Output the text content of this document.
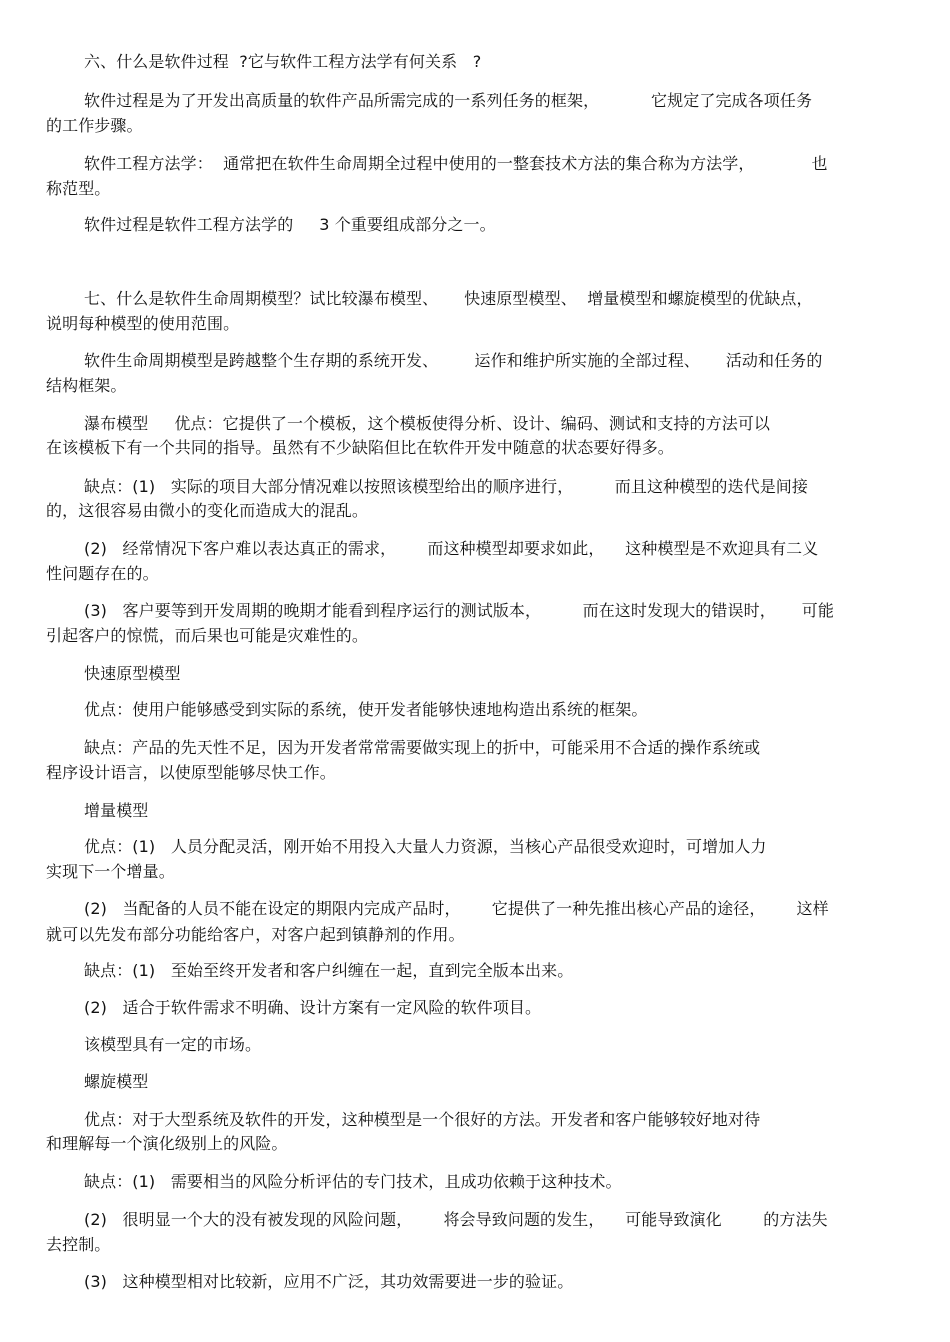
六、什么是软件过程  ?它与软件工程方法学有何关系   ?
软件过程是为了开发出高质量的软件产品所需完成的一系列任务的框架，          它规定了完成各项任务
的工作步骤。
软件工程方法学：  通常把在软件生命周期全过程中使用的一整套技术方法的集合称为方法学，           也
称范型。
软件过程是软件工程方法学的     3 个重要组成部分之一。
七、什么是软件生命周期模型？试比较瀑布模型、     快速原型模型、  增量模型和螺旋模型的优缺点，
说明每种模型的使用范围。
软件生命周期模型是跨越整个生存期的系统开发、       运作和维护所实施的全部过程、     活动和任务的
结构框架。
瀑布模型     优点：它提供了一个模板，这个模板使得分析、设计、编码、测试和支持的方法可以
在该模板下有一个共同的指导。虽然有不少缺陷但比在软件开发中随意的状态要好得多。
缺点：(1)   实际的项目大部分情况难以按照该模型给出的顺序进行，        而且这种模型的迭代是间接
的，这很容易由微小的变化而造成大的混乱。
(2)   经常情况下客户难以表达真正的需求，      而这种模型却要求如此，    这种模型是不欢迎具有二义
性问题存在的。
(3)   客户要等到开发周期的晚期才能看到程序运行的测试版本，        而在这时发现大的错误时，     可能
引起客户的惊慌，而后果也可能是灾难性的。
快速原型模型
优点：使用户能够感受到实际的系统，使开发者能够快速地构造出系统的框架。
缺点：产品的先天性不足，因为开发者常常需要做实现上的折中，可能采用不合适的操作系统或
程序设计语言，以使原型能够尽快工作。
增量模型
优点：(1)   人员分配灵活，刚开始不用投入大量人力资源，当核心产品很受欢迎时，可增加人力
实现下一个增量。
(2)   当配备的人员不能在设定的期限内完成产品时，      它提供了一种先推出核心产品的途径，      这样
就可以先发布部分功能给客户，对客户起到镇静剂的作用。
缺点：(1)   至始至终开发者和客户纠缠在一起，直到完全版本出来。
(2)   适合于软件需求不明确、设计方案有一定风险的软件项目。
该模型具有一定的市场。
螺旋模型
优点：对于大型系统及软件的开发，这种模型是一个很好的方法。开发者和客户能够较好地对待
和理解每一个演化级别上的风险。
缺点：(1)   需要相当的风险分析评估的专门技术，且成功依赖于这种技术。
(2)   很明显一个大的没有被发现的风险问题，      将会导致问题的发生，    可能导致演化        的方法失
去控制。
(3)   这种模型相对比较新，应用不广泛，其功效需要进一步的验证。
